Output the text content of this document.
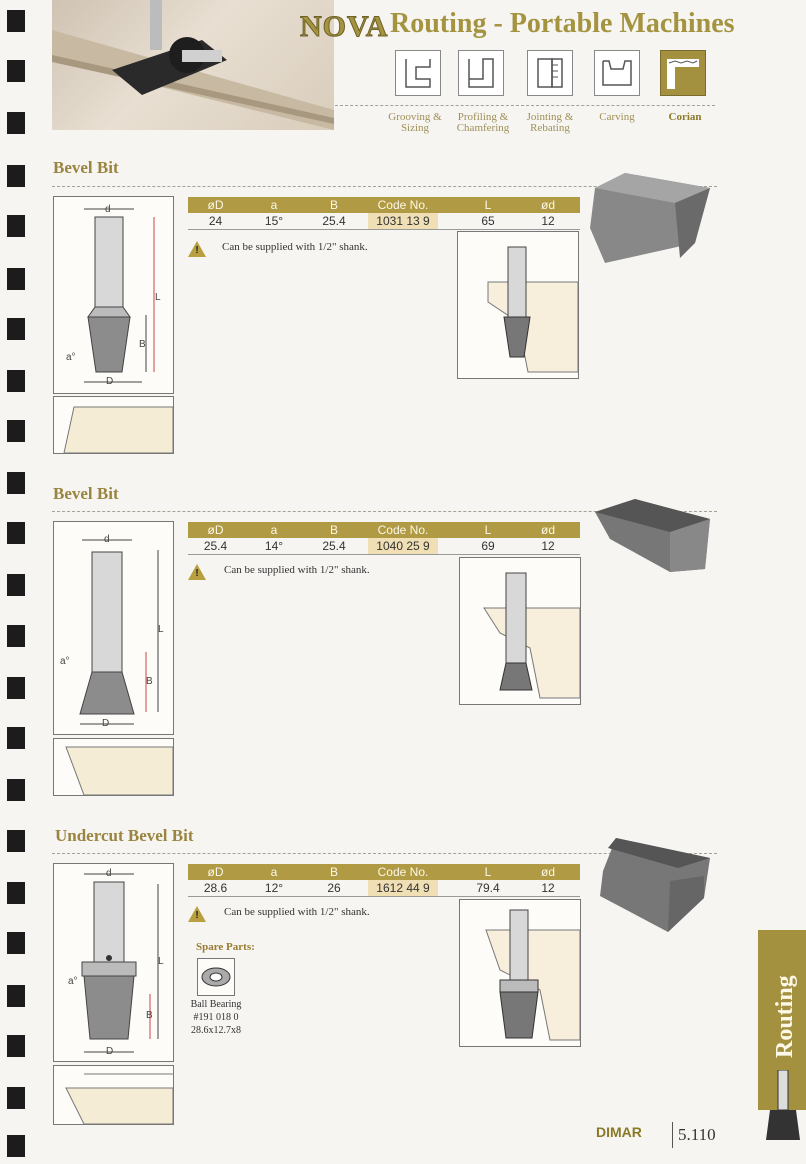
NOVA Routing - Portable Machines
Grooving & Sizing
Profiling & Chamfering
Jointing & Rebating
Carving	Corian
Bevel Bit
d
L
B
a°
D
øD	a	B	Code No.	L	ød
24	15°	25.4	1031 13 9	65	12
!	Can be supplied with 1/2" shank.
Bevel Bit
d
L
B
a°
D
øD	a	B	Code No.	L	ød
25.4	14°	25.4	1040 25 9	69	12
!	Can be supplied with 1/2" shank.
Undercut Bevel Bit
d
L
B
a°
D
øD	a	B	Code No.	L	ød
28.6	12°	26	1612 44 9	79.4	12
!	Can be supplied with 1/2" shank.
Spare Parts:
Ball Bearing
#191 018 0
28.6x12.7x8	Routing
DIMAR 5.110
